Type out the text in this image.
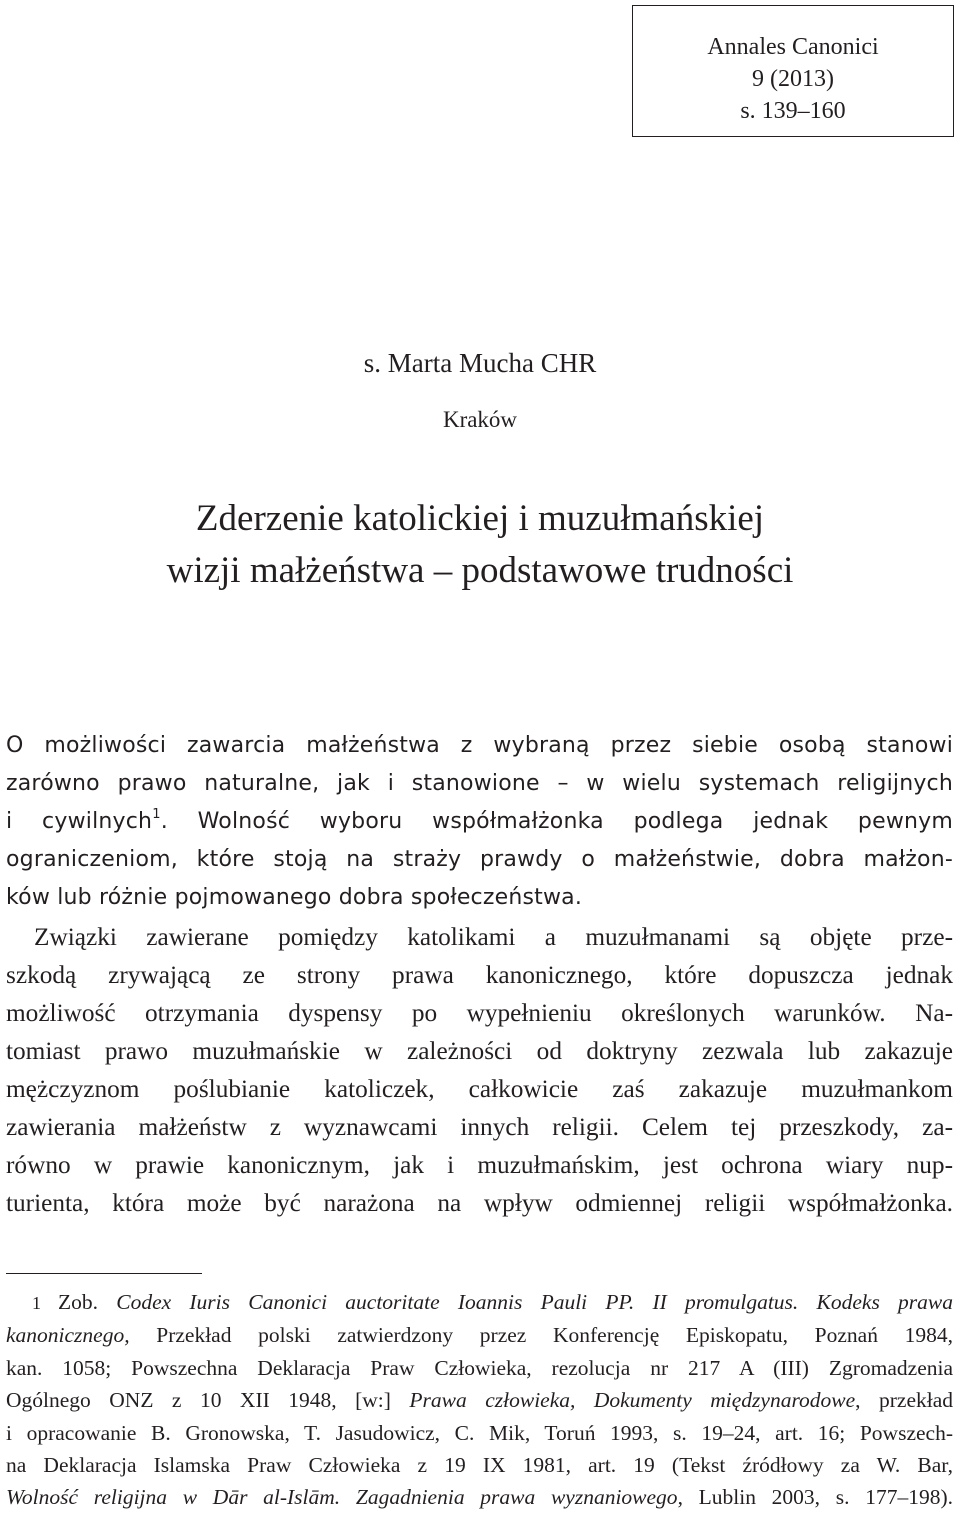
Annales Canonici
9 (2013)
s. 139–160
s. Marta Mucha CHR
Kraków
Zderzenie katolickiej i muzułmańskiej
wizji małżeństwa – podstawowe trudności
O możliwości zawarcia małżeństwa z wybraną przez siebie osobą stanowi
zarówno prawo naturalne, jak i stanowione – w wielu systemach religijnych
i cywilnych$^1$. Wolność wyboru współmałżonka podlega jednak pewnym
ograniczeniom, które stoją na straży prawdy o małżeństwie, dobra małżon-
ków lub różnie pojmowanego dobra społeczeństwa.
Związki zawierane pomiędzy katolikami a muzułmanami są objęte prze-
szkodą zrywającą ze strony prawa kanonicznego, które dopuszcza jednak
możliwość otrzymania dyspensy po wypełnieniu określonych warunków. Na-
tomiast prawo muzułmańskie w zależności od doktryny zezwala lub zakazuje
mężczyznom poślubianie katoliczek, całkowicie zaś zakazuje muzułmankom
zawierania małżeństw z wyznawcami innych religii. Celem tej przeszkody, za-
równo w prawie kanonicznym, jak i muzułmańskim, jest ochrona wiary nup-
turienta, która może być narażona na wpływ odmiennej religii współmałżonka.
1 Zob. Codex Iuris Canonici auctoritate Ioannis Pauli PP. II promulgatus. Kodeks prawa
kanonicznego, Przekład polski zatwierdzony przez Konferencję Episkopatu, Poznań 1984,
kan. 1058; Powszechna Deklaracja Praw Człowieka, rezolucja nr 217 A (III) Zgromadzenia
Ogólnego ONZ z 10 XII 1948, [w:] Prawa człowieka, Dokumenty międzynarodowe, przekład
i opracowanie B. Gronowska, T. Jasudowicz, C. Mik, Toruń 1993, s. 19–24, art. 16; Powszech-
na Deklaracja Islamska Praw Człowieka z 19 IX 1981, art. 19 (Tekst źródłowy za W. Bar,
Wolność religijna w Dār al-Islām. Zagadnienia prawa wyznaniowego, Lublin 2003, s. 177–198).
